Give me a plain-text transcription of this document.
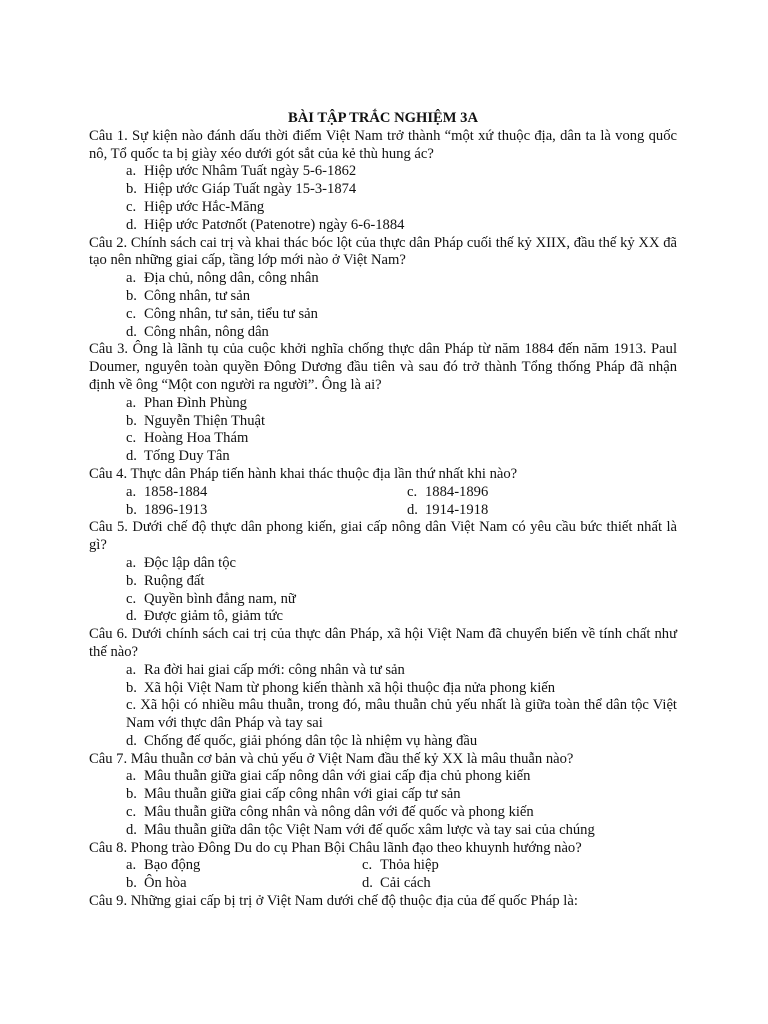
BÀI TẬP TRẮC NGHIỆM 3A

Câu 1. Sự kiện nào đánh dấu thời điểm Việt Nam trở thành “một xứ thuộc địa, dân ta là vong quốc nô, Tổ quốc ta bị giày xéo dưới gót sắt của kẻ thù hung ác?

a. Hiệp ước Nhâm Tuất ngày 5-6-1862
b. Hiệp ước Giáp Tuất ngày 15-3-1874
c. Hiệp ước Hắc-Măng
d. Hiệp ước Patơnốt (Patenotre) ngày 6-6-1884

Câu 2. Chính sách cai trị và khai thác bóc lột của thực dân Pháp cuối thế kỷ XIIX, đầu thế kỷ XX đã tạo nên những giai cấp, tầng lớp mới nào ở Việt Nam?

a. Địa chủ, nông dân, công nhân
b. Công nhân, tư sản
c. Công nhân, tư sản, tiểu tư sản
d. Công nhân, nông dân

Câu 3. Ông là lãnh tụ của cuộc khởi nghĩa chống thực dân Pháp từ năm 1884 đến năm 1913. Paul Doumer, nguyên toàn quyền Đông Dương đầu tiên và sau đó trở thành Tổng thống Pháp đã nhận định về ông “Một con người ra người”. Ông là ai?

a. Phan Đình Phùng
b. Nguyễn Thiện Thuật
c. Hoàng Hoa Thám
d. Tống Duy Tân

Câu 4. Thực dân Pháp tiến hành khai thác thuộc địa lần thứ nhất khi nào?

a. 1858-1884	c. 1884-1896
b. 1896-1913	d. 1914-1918

Câu 5. Dưới chế độ thực dân phong kiến, giai cấp nông dân Việt Nam có yêu cầu bức thiết nhất là gì?

a. Độc lập dân tộc
b. Ruộng đất
c. Quyền bình đẳng nam, nữ
d. Được giảm tô, giảm tức

Câu 6. Dưới chính sách cai trị của thực dân Pháp, xã hội Việt Nam đã chuyển biến về tính chất như thế nào?

a. Ra đời hai giai cấp mới: công nhân và tư sản
b. Xã hội Việt Nam từ phong kiến thành xã hội thuộc địa nửa phong kiến

c. Xã hội có nhiều mâu thuẫn, trong đó, mâu thuẫn chủ yếu nhất là giữa toàn thể dân tộc Việt Nam với thực dân Pháp và tay sai

d. Chống đế quốc, giải phóng dân tộc là nhiệm vụ hàng đầu

Câu 7. Mâu thuẫn cơ bản và chủ yếu ở Việt Nam đầu thế kỷ XX là mâu thuẫn nào?

a. Mâu thuẫn giữa giai cấp nông dân với giai cấp địa chủ phong kiến
b. Mâu thuẫn giữa giai cấp công nhân với giai cấp tư sản
c. Mâu thuẫn giữa công nhân và nông dân với đế quốc và phong kiến
d. Mâu thuẫn giữa dân tộc Việt Nam với đế quốc xâm lược và tay sai của chúng

Câu 8. Phong trào Đông Du do cụ Phan Bội Châu lãnh đạo theo khuynh hướng nào?

a. Bạo động	c. Thỏa hiệp
b. Ôn hòa	d. Cải cách

Câu 9. Những giai cấp bị trị ở Việt Nam dưới chế độ thuộc địa của đế quốc Pháp là:
